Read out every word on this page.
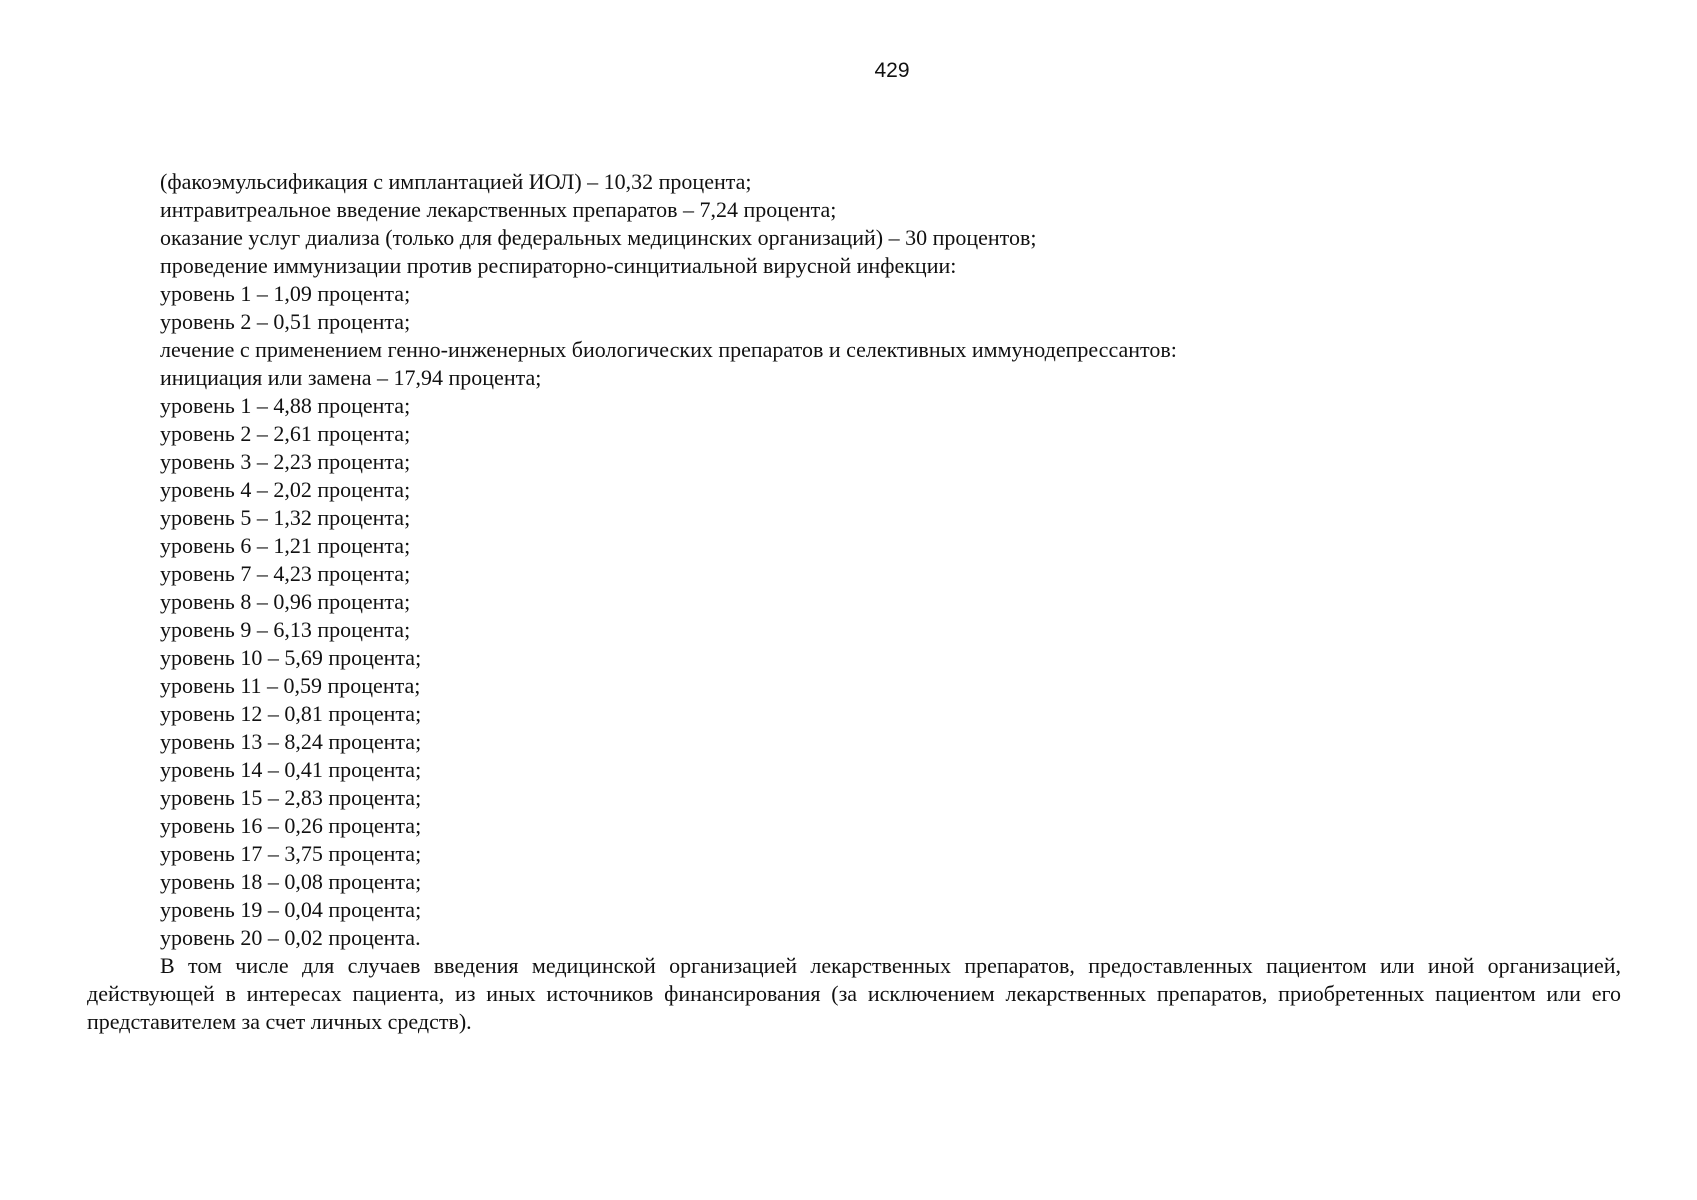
429

(факоэмульсификация с имплантацией ИОЛ) – 10,32 процента;

интравитреальное введение лекарственных препаратов – 7,24 процента;

оказание услуг диализа (только для федеральных медицинских организаций) – 30 процентов;

проведение иммунизации против респираторно-синцитиальной вирусной инфекции:

уровень 1 – 1,09 процента;

уровень 2 – 0,51 процента;

лечение с применением генно-инженерных биологических препаратов и селективных иммунодепрессантов:

инициация или замена – 17,94 процента;

уровень 1 – 4,88 процента;

уровень 2 – 2,61 процента;

уровень 3 – 2,23 процента;

уровень 4 – 2,02 процента;

уровень 5 – 1,32 процента;

уровень 6 – 1,21 процента;

уровень 7 – 4,23 процента;

уровень 8 – 0,96 процента;

уровень 9 – 6,13 процента;

уровень 10 – 5,69 процента;

уровень 11 – 0,59 процента;

уровень 12 – 0,81 процента;

уровень 13 – 8,24 процента;

уровень 14 – 0,41 процента;

уровень 15 – 2,83 процента;

уровень 16 – 0,26 процента;

уровень 17 – 3,75 процента;

уровень 18 – 0,08 процента;

уровень 19 – 0,04 процента;

уровень 20 – 0,02 процента.

В том числе для случаев введения медицинской организацией лекарственных препаратов, предоставленных пациентом или иной организацией, действующей в интересах пациента, из иных источников финансирования (за исключением лекарственных препаратов, приобретенных пациентом или его представителем за счет личных средств).
